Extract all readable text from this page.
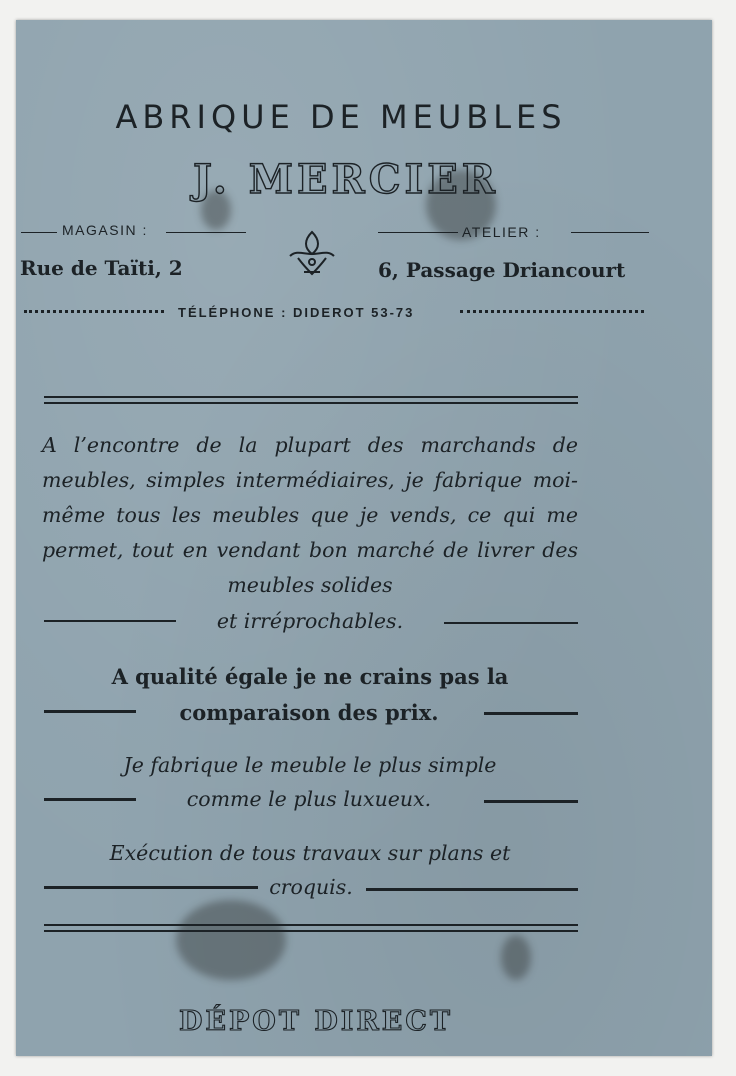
ABRIQUE DE MEUBLES
J. MERCIER
MAGASIN :	ATELIER :
Rue de Taïti, 2	6, Passage Driancourt
TÉLÉPHONE : DIDEROT 53-73
A l’encontre de la plupart des marchands de meubles, simples intermédiaires, je fabrique moi-même tous les meubles que je vends, ce qui me permet, tout en vendant bon marché de livrer des meubles solides
et irréprochables.
A qualité égale je ne crains pas la
comparaison des prix.
Je fabrique le meuble le plus simple
comme le plus luxueux.
Exécution de tous travaux sur plans et
croquis.
DÉPOT DIRECT
